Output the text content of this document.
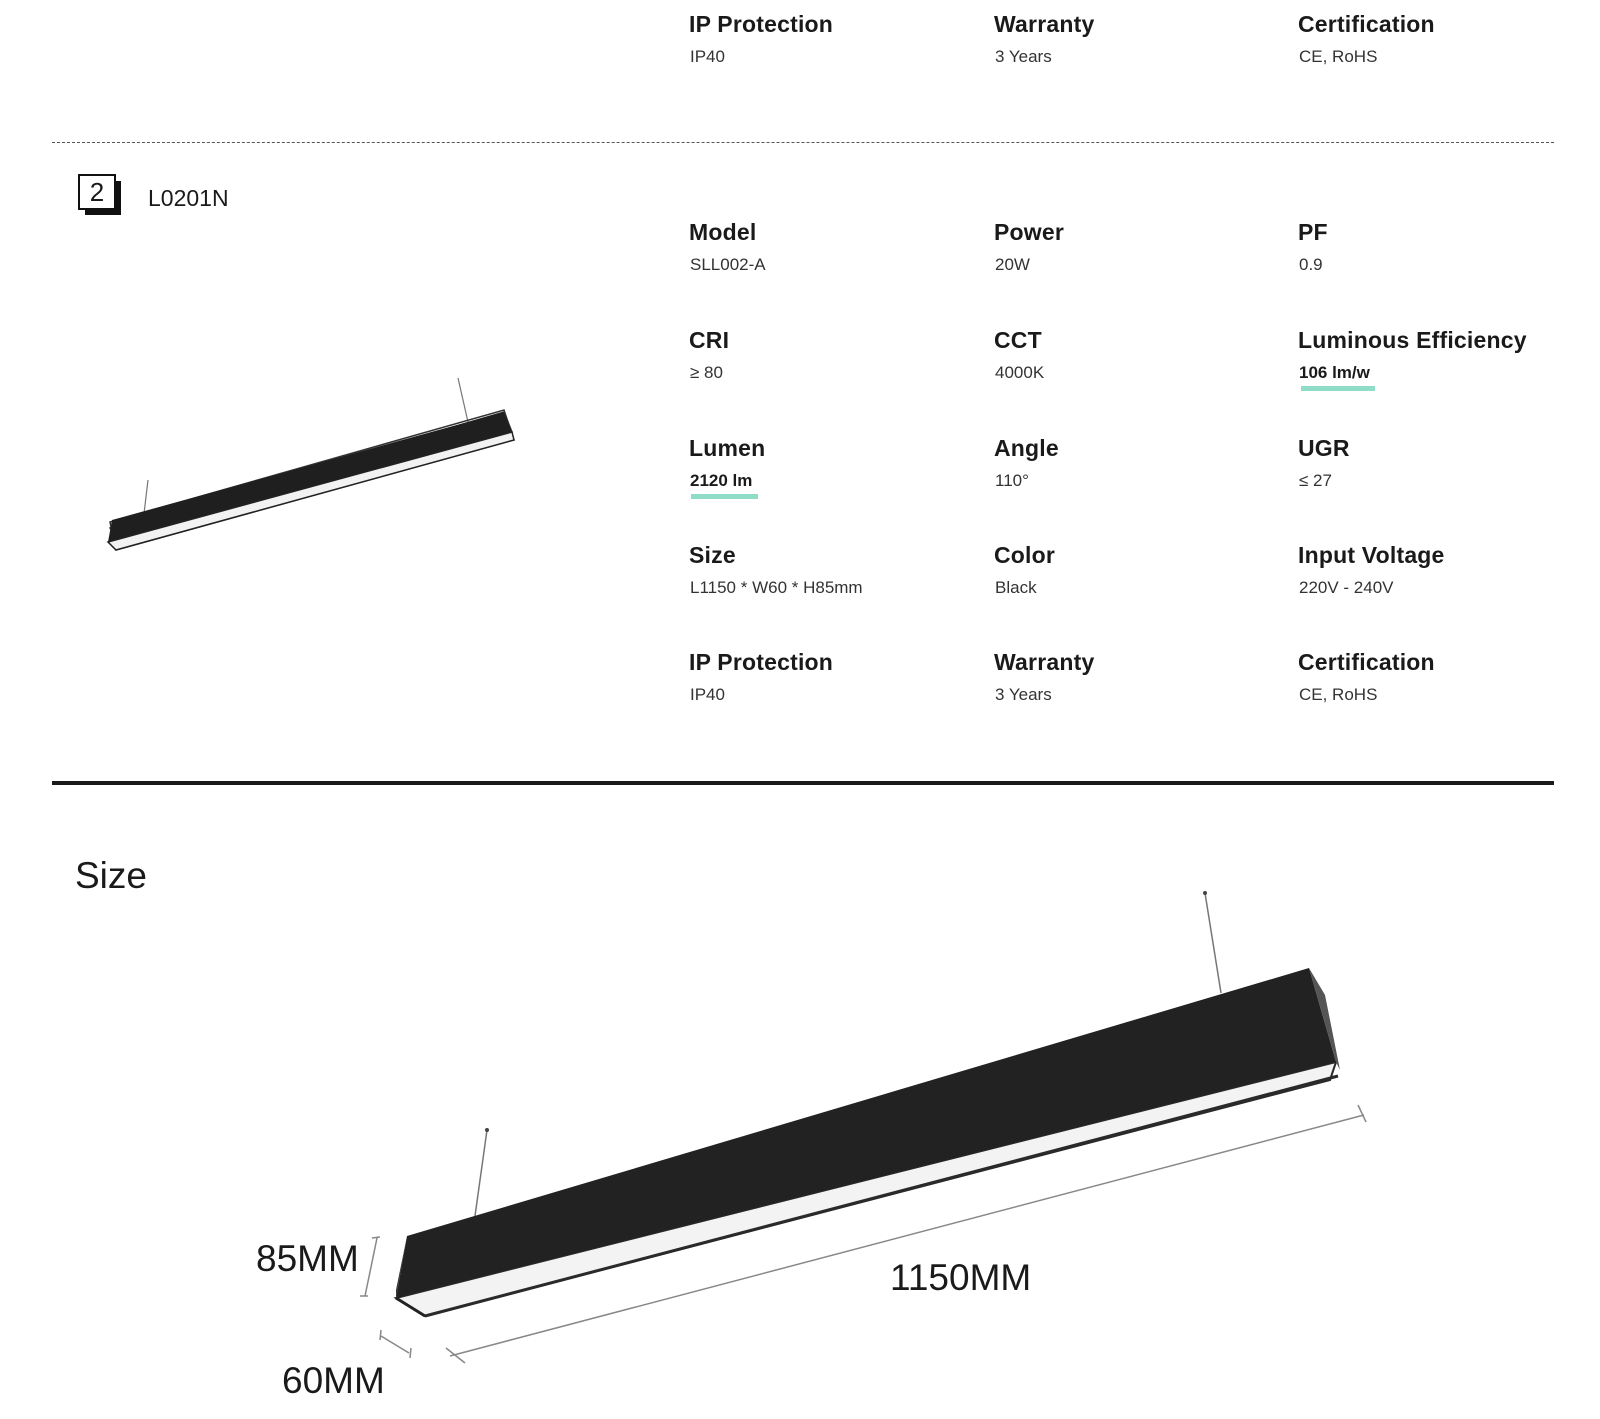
IP Protection
IP40
Warranty
3 Years
Certification
CE, RoHS
2	L0201N
Model
SLL002-A
Power
20W
PF
0.9
CRI
≥ 80
CCT
4000K
Luminous Efficiency
106 lm/w
Lumen
2120 lm
Angle
110°
UGR
≤ 27
Size
L1150 * W60 * H85mm
Color
Black
Input Voltage
220V - 240V
IP Protection
IP40
Warranty
3 Years
Certification
CE, RoHS
Size
85MM
60MM
1150MM
